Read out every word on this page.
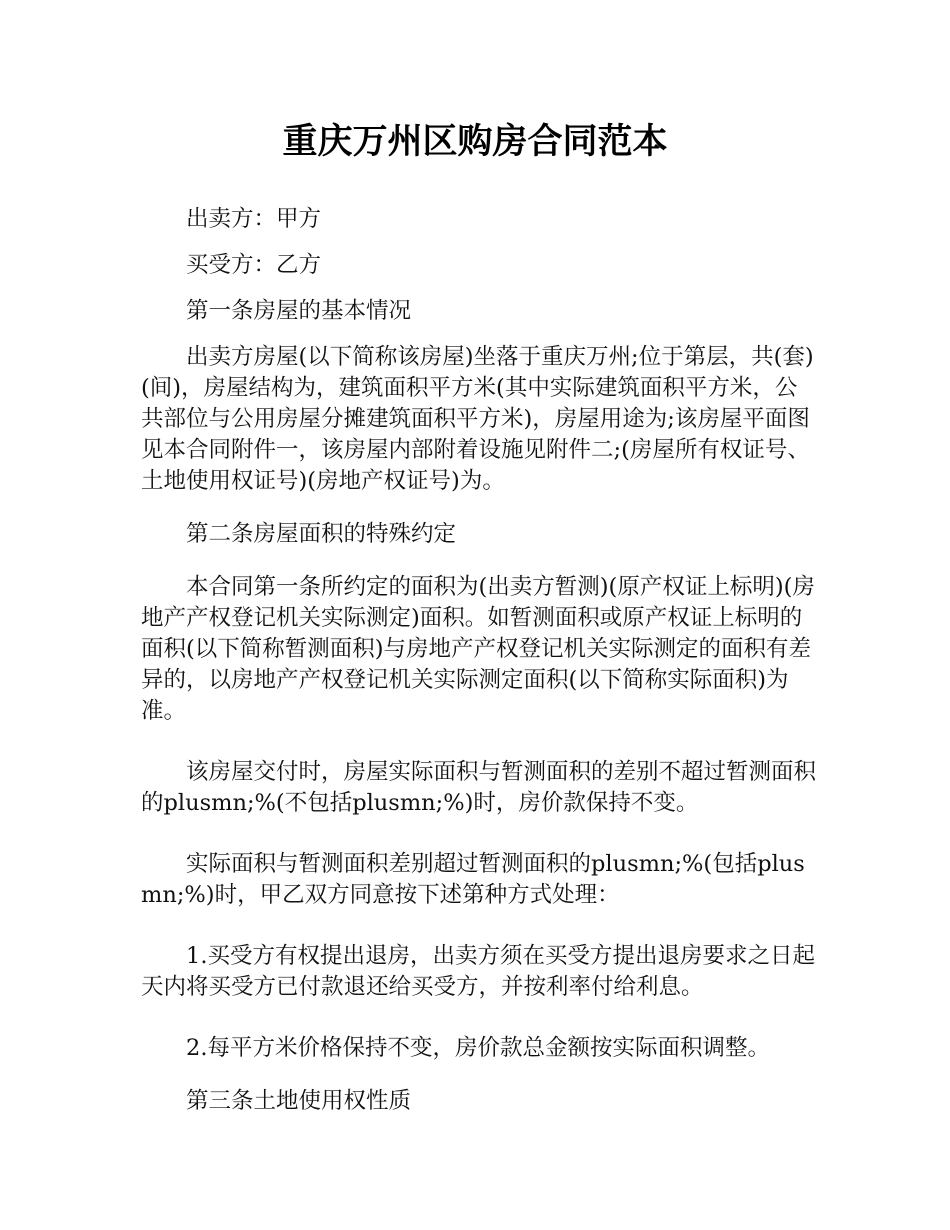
重庆万州区购房合同范本

出卖方：甲方

买受方：乙方

第一条房屋的基本情况

出卖方房屋(以下简称该房屋)坐落于重庆万州;位于第层，共(套)(间)，房屋结构为，建筑面积平方米(其中实际建筑面积平方米，公共部位与公用房屋分摊建筑面积平方米)，房屋用途为;该房屋平面图见本合同附件一，该房屋内部附着设施见附件二;(房屋所有权证号、土地使用权证号)(房地产权证号)为。

第二条房屋面积的特殊约定

本合同第一条所约定的面积为(出卖方暂测)(原产权证上标明)(房地产产权登记机关实际测定)面积。如暂测面积或原产权证上标明的面积(以下简称暂测面积)与房地产产权登记机关实际测定的面积有差异的，以房地产产权登记机关实际测定面积(以下简称实际面积)为准。

该房屋交付时，房屋实际面积与暂测面积的差别不超过暂测面积的plusmn;%(不包括plusmn;%)时，房价款保持不变。

实际面积与暂测面积差别超过暂测面积的plusmn;%(包括plusmn;%)时，甲乙双方同意按下述第种方式处理：

1.买受方有权提出退房，出卖方须在买受方提出退房要求之日起天内将买受方已付款退还给买受方，并按利率付给利息。

2.每平方米价格保持不变，房价款总金额按实际面积调整。

第三条土地使用权性质
